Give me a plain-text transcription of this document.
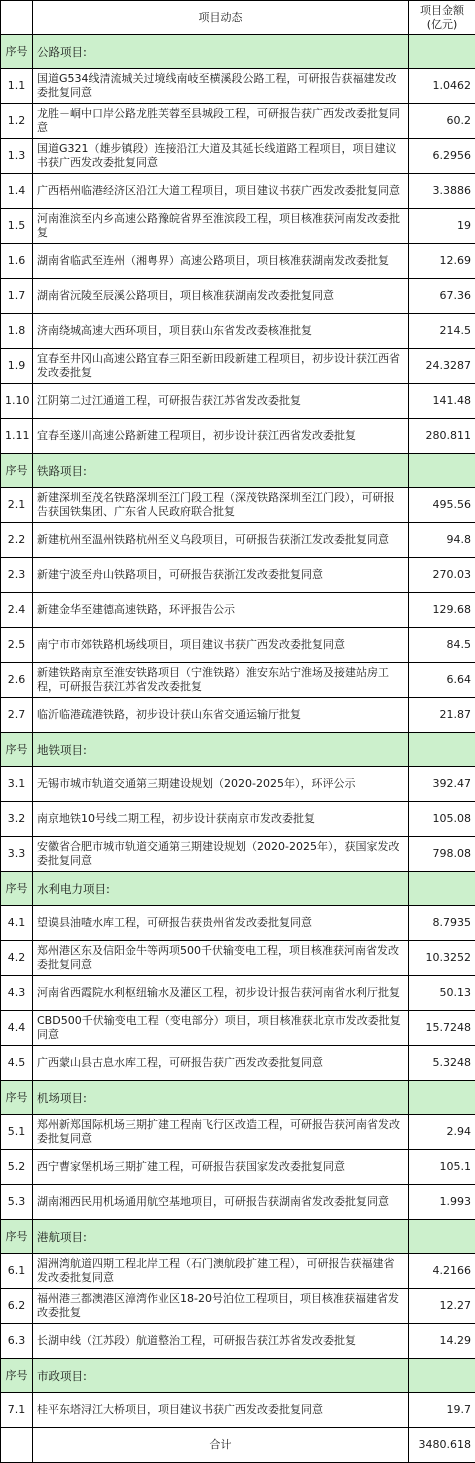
	项目动态	项目金额
(亿元)
序号	公路项目:	
1.1	国道G534线清流城关过境线南岐至横溪段公路工程，可研报告获福建发改委批复同意	1.0462
1.2	龙胜－峒中口岸公路龙胜芙蓉至县城段工程，可研报告获广西发改委批复同意	60.2
1.3	国道G321（雄步镇段）连接沿江大道及其延长线道路工程项目，项目建议书获广西发改委批复同意	6.2956
1.4	广西梧州临港经济区沿江大道工程项目，项目建议书获广西发改委批复同意	3.3886
1.5	河南淮滨至内乡高速公路豫皖省界至淮滨段工程，项目核准获河南发改委批复	19
1.6	湖南省临武至连州（湘粤界）高速公路项目，项目核准获湖南发改委批复	12.69
1.7	湖南省沅陵至辰溪公路项目，项目核准获湖南发改委批复同意	67.36
1.8	济南绕城高速大西环项目，项目获山东省发改委核准批复	214.5
1.9	宜春至井冈山高速公路宜春三阳至新田段新建工程项目，初步设计获江西省发改委批复	24.3287
1.10	江阴第二过江通道工程，可研报告获江苏省发改委批复	141.48
1.11	宜春至遂川高速公路新建工程项目，初步设计获江西省发改委批复	280.811
序号	铁路项目:	
2.1	新建深圳至茂名铁路深圳至江门段工程（深茂铁路深圳至江门段），可研报告获国铁集团、广东省人民政府联合批复	495.56
2.2	新建杭州至温州铁路杭州至义乌段项目，可研报告获浙江发改委批复同意	94.8
2.3	新建宁波至舟山铁路项目，可研报告获浙江发改委批复同意	270.03
2.4	新建金华至建德高速铁路，环评报告公示	129.68
2.5	南宁市市郊铁路机场线项目，项目建议书获广西发改委批复同意	84.5
2.6	新建铁路南京至淮安铁路项目（宁淮铁路）淮安东站宁淮场及接建站房工程，可研报告获江苏省发改委批复	6.64
2.7	临沂临港疏港铁路，初步设计获山东省交通运输厅批复	21.87
序号	地铁项目:	
3.1	无锡市城市轨道交通第三期建设规划（2020-2025年），环评公示	392.47
3.2	南京地铁10号线二期工程，初步设计获南京市发改委批复	105.08
3.3	安徽省合肥市城市轨道交通第三期建设规划（2020-2025年），获国家发改委批复同意	798.08
序号	水利电力项目:	
4.1	望谟县油喳水库工程，可研报告获贵州省发改委批复同意	8.7935
4.2	郑州港区东及信阳金牛等两项500千伏输变电工程，项目核准获河南省发改委批复同意	10.3252
4.3	河南省西霞院水利枢纽输水及灌区工程，初步设计报告获河南省水利厅批复	50.13
4.4	CBD500千伏输变电工程（变电部分）项目，项目核准获北京市发改委批复同意	15.7248
4.5	广西蒙山县古息水库工程，可研报告获广西发改委批复同意	5.3248
序号	机场项目:	
5.1	郑州新郑国际机场三期扩建工程南飞行区改造工程，可研报告获河南省发改委批复同意	2.94
5.2	西宁曹家堡机场三期扩建工程，可研报告获国家发改委批复同意	105.1
5.3	湖南湘西民用机场通用航空基地项目，可研报告获湖南省发改委批复同意	1.993
序号	港航项目:	
6.1	湄洲湾航道四期工程北岸工程（石门澳航段扩建工程），可研报告获福建省发改委批复同意	4.2166
6.2	福州港三都澳港区漳湾作业区18-20号泊位工程项目，项目核准获福建省发改委批复	12.27
6.3	长湖申线（江苏段）航道整治工程，可研报告获江苏省发改委批复	14.29
序号	市政项目:	
7.1	桂平东塔浔江大桥项目，项目建议书获广西发改委批复同意	19.7
	合计	3480.618
